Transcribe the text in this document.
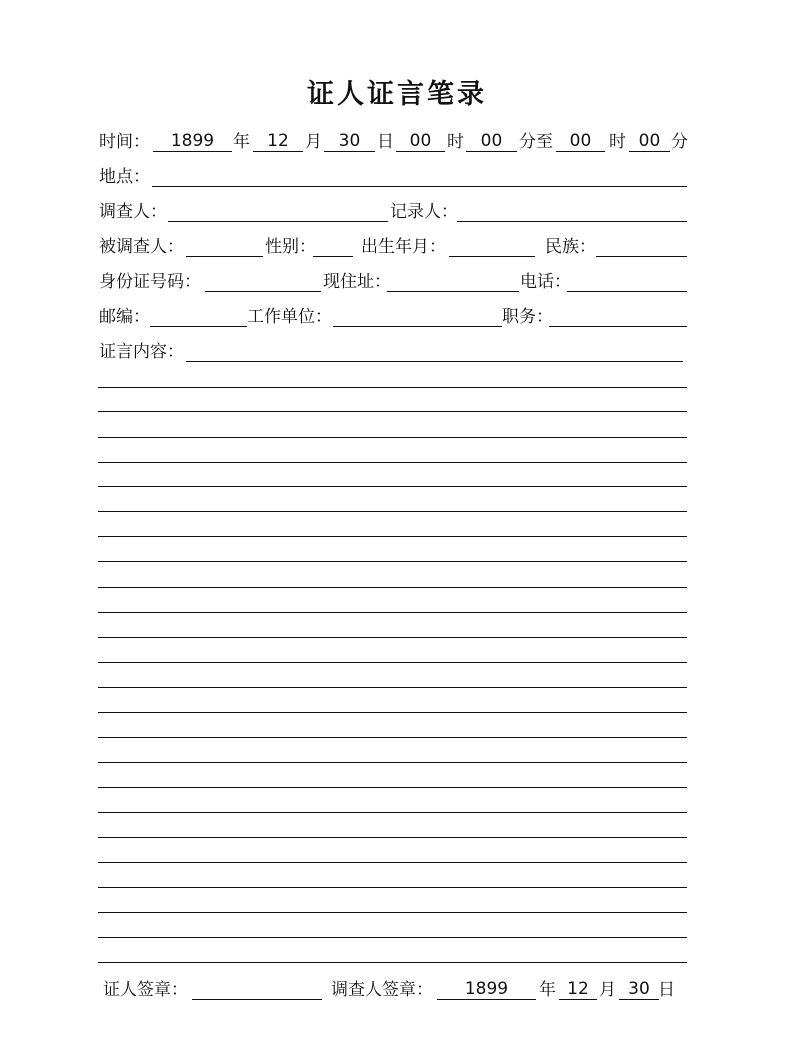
证人证言笔录
时间：	1899	年	12 月 30 日 00 时 00 分至 00	时 00 分
地点：
调查人：	记录人：
被调查人：	性别：	出生年月：	民族：
身份证号码：	现住址：	电话：
邮编：	工作单位：	职务：
证言内容：
证人签章：	调查人签章：	1899	年 12 月 30 日
